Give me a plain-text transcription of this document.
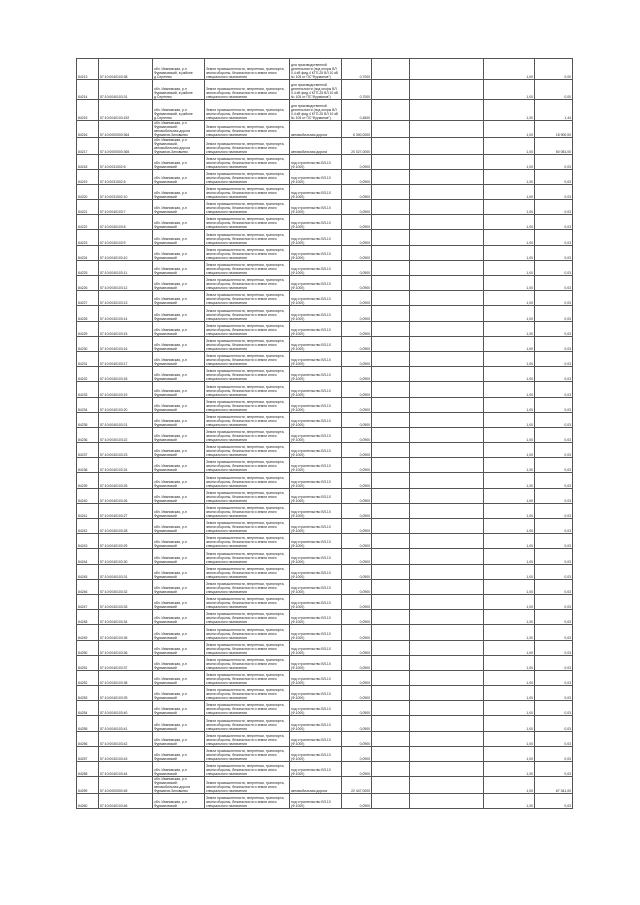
84213	57:10:0040103:38	обл. Ивановская, р-н Фурмановский, в районе д.Сергеево	Земли промышленности, энергетики, транспорта, земли обороны, безопасности и земли иного специального назначения	для производственной деятельности (под опоры ВЛ 0,4 кВ фид.4 КТП-25 ВЛ 10 кВ № 105 от ПС"Фурманов")	0,7000			1,00	0,00
84214	57:10:0040103:31	обл. Ивановская, р-н Фурмановский, в районе д.Сергеево	Земли промышленности, энергетики, транспорта, земли обороны, безопасности и земли иного специального назначения	для производственной деятельности (под опоры ВЛ 0,4 кВ фид.4 КТП-25 ВЛ 10 кВ № 105 от ПС"Фурманов")	0,7000			1,00	0,00
84215	57:10:0040103:152	обл. Ивановская, р-н Фурмановский, в районе д.Сергеево	Земли промышленности, энергетики, транспорта, земли обороны, безопасности и земли иного специального назначения	для производственной деятельности (под опоры ВЛ 0,4 кВ фид.4 КТП-25 ВЛ 10 кВ № 105 от ПС"Фурманов")	0,4800			1,00	1,44
84216	57:10:0000000:364	обл. Ивановская, р-н Фурмановский, автомобильная дорога Фурманов-Зиновьево	Земли промышленности, энергетики, транспорта, земли обороны, безопасности и земли иного специального назначения	автомобильная дорога	6 300,0000			1,00	18 900,00
84217	57:10:0000000:365	обл. Ивановская, р-н Фурмановский, автомобильная дорога Фурманов-Зиновьево	Земли промышленности, энергетики, транспорта, земли обороны, безопасности и земли иного специального назначения	автомобильная дорога	20 027,0000			1,00	60 081,00
84218	57:10:0031002:6	обл. Ивановская, р-н Фурмановский	Земли промышленности, энергетики, транспорта, земли обороны, безопасности и земли иного специального назначения	под строительство ВЛ-10 (Ф.1000)	0,0900			1,00	0,03
84219	57:10:0031002:5	обл. Ивановская, р-н Фурмановский	Земли промышленности, энергетики, транспорта, земли обороны, безопасности и земли иного специального назначения	под строительство ВЛ-10 (Ф.1000)	0,0900			1,00	0,03
84220	57:10:0031002:10	обл. Ивановская, р-н Фурмановский	Земли промышленности, энергетики, транспорта, земли обороны, безопасности и земли иного специального назначения	под строительство ВЛ-10 (Ф.1000)	0,0900			1,00	0,03
84221	57:10:0040103:7	обл. Ивановская, р-н Фурмановский	Земли промышленности, энергетики, транспорта, земли обороны, безопасности и земли иного специального назначения	под строительство ВЛ-10 (Ф.1000)	0,0900			1,00	0,03
84222	57:10:0040103:8	обл. Ивановская, р-н Фурмановский	Земли промышленности, энергетики, транспорта, земли обороны, безопасности и земли иного специального назначения	под строительство ВЛ-10 (Ф.1000)	0,0900			1,00	0,03
84223	57:10:0040103:9	обл. Ивановская, р-н Фурмановский	Земли промышленности, энергетики, транспорта, земли обороны, безопасности и земли иного специального назначения	под строительство ВЛ-10 (Ф.1000)	0,0900			1,00	0,03
84224	57:10:0040103:10	обл. Ивановская, р-н Фурмановский	Земли промышленности, энергетики, транспорта, земли обороны, безопасности и земли иного специального назначения	под строительство ВЛ-10 (Ф.1000)	0,0900			1,00	0,03
84225	57:10:0040103:11	обл. Ивановская, р-н Фурмановский	Земли промышленности, энергетики, транспорта, земли обороны, безопасности и земли иного специального назначения	под строительство ВЛ-10 (Ф.1000)	0,0900			1,00	0,03
84226	57:10:0040103:12	обл. Ивановская, р-н Фурмановский	Земли промышленности, энергетики, транспорта, земли обороны, безопасности и земли иного специального назначения	под строительство ВЛ-10 (Ф.1000)	0,0900			1,00	0,03
84227	57:10:0040103:13	обл. Ивановская, р-н Фурмановский	Земли промышленности, энергетики, транспорта, земли обороны, безопасности и земли иного специального назначения	под строительство ВЛ-10 (Ф.1000)	0,0900			1,00	0,03
84228	57:10:0040103:14	обл. Ивановская, р-н Фурмановский	Земли промышленности, энергетики, транспорта, земли обороны, безопасности и земли иного специального назначения	под строительство ВЛ-10 (Ф.1000)	0,0900			1,00	0,03
84229	57:10:0040103:15	обл. Ивановская, р-н Фурмановский	Земли промышленности, энергетики, транспорта, земли обороны, безопасности и земли иного специального назначения	под строительство ВЛ-10 (Ф.1000)	0,0900			1,00	0,03
84230	57:10:0040103:16	обл. Ивановская, р-н Фурмановский	Земли промышленности, энергетики, транспорта, земли обороны, безопасности и земли иного специального назначения	под строительство ВЛ-10 (Ф.1000)	0,0900			1,00	0,03
84231	57:10:0040103:17	обл. Ивановская, р-н Фурмановский	Земли промышленности, энергетики, транспорта, земли обороны, безопасности и земли иного специального назначения	под строительство ВЛ-10 (Ф.1000)	0,0900			1,00	0,03
84232	57:10:0040103:18	обл. Ивановская, р-н Фурмановский	Земли промышленности, энергетики, транспорта, земли обороны, безопасности и земли иного специального назначения	под строительство ВЛ-10 (Ф.1000)	0,0900			1,00	0,03
84233	57:10:0040103:19	обл. Ивановская, р-н Фурмановский	Земли промышленности, энергетики, транспорта, земли обороны, безопасности и земли иного специального назначения	под строительство ВЛ-10 (Ф.1000)	0,0900			1,00	0,03
84234	57:10:0040103:20	обл. Ивановская, р-н Фурмановский	Земли промышленности, энергетики, транспорта, земли обороны, безопасности и земли иного специального назначения	под строительство ВЛ-10 (Ф.1000)	0,0900			1,00	0,03
84235	57:10:0040103:21	обл. Ивановская, р-н Фурмановский	Земли промышленности, энергетики, транспорта, земли обороны, безопасности и земли иного специального назначения	под строительство ВЛ-10 (Ф.1000)	0,0900			1,00	0,03
84236	57:10:0040103:22	обл. Ивановская, р-н Фурмановский	Земли промышленности, энергетики, транспорта, земли обороны, безопасности и земли иного специального назначения	под строительство ВЛ-10 (Ф.1000)	0,0900			1,00	0,03
84237	57:10:0040103:23	обл. Ивановская, р-н Фурмановский	Земли промышленности, энергетики, транспорта, земли обороны, безопасности и земли иного специального назначения	под строительство ВЛ-10 (Ф.1000)	0,0900			1,00	0,03
84238	57:10:0040103:24	обл. Ивановская, р-н Фурмановский	Земли промышленности, энергетики, транспорта, земли обороны, безопасности и земли иного специального назначения	под строительство ВЛ-10 (Ф.1000)	0,0900			1,00	0,03
84239	57:10:0040103:25	обл. Ивановская, р-н Фурмановский	Земли промышленности, энергетики, транспорта, земли обороны, безопасности и земли иного специального назначения	под строительство ВЛ-10 (Ф.1000)	0,0900			1,00	0,03
84240	57:10:0040103:26	обл. Ивановская, р-н Фурмановский	Земли промышленности, энергетики, транспорта, земли обороны, безопасности и земли иного специального назначения	под строительство ВЛ-10 (Ф.1000)	0,0900			1,00	0,03
84241	57:10:0040103:27	обл. Ивановская, р-н Фурмановский	Земли промышленности, энергетики, транспорта, земли обороны, безопасности и земли иного специального назначения	под строительство ВЛ-10 (Ф.1000)	0,0900			1,00	0,03
84242	57:10:0040103:28	обл. Ивановская, р-н Фурмановский	Земли промышленности, энергетики, транспорта, земли обороны, безопасности и земли иного специального назначения	под строительство ВЛ-10 (Ф.1000)	0,0900			1,00	0,03
84243	57:10:0040103:29	обл. Ивановская, р-н Фурмановский	Земли промышленности, энергетики, транспорта, земли обороны, безопасности и земли иного специального назначения	под строительство ВЛ-10 (Ф.1000)	0,0900			1,00	0,03
84244	57:10:0040103:30	обл. Ивановская, р-н Фурмановский	Земли промышленности, энергетики, транспорта, земли обороны, безопасности и земли иного специального назначения	под строительство ВЛ-10 (Ф.1000)	0,0900			1,00	0,03
84245	57:10:0040103:31	обл. Ивановская, р-н Фурмановский	Земли промышленности, энергетики, транспорта, земли обороны, безопасности и земли иного специального назначения	под строительство ВЛ-10 (Ф.1000)	0,0900			1,00	0,03
84246	57:10:0040103:32	обл. Ивановская, р-н Фурмановский	Земли промышленности, энергетики, транспорта, земли обороны, безопасности и земли иного специального назначения	под строительство ВЛ-10 (Ф.1000)	0,0900			1,00	0,03
84247	57:10:0040103:33	обл. Ивановская, р-н Фурмановский	Земли промышленности, энергетики, транспорта, земли обороны, безопасности и земли иного специального назначения	под строительство ВЛ-10 (Ф.1000)	0,0900			1,00	0,03
84248	57:10:0040103:34	обл. Ивановская, р-н Фурмановский	Земли промышленности, энергетики, транспорта, земли обороны, безопасности и земли иного специального назначения	под строительство ВЛ-10 (Ф.1000)	0,0900			1,00	0,03
84249	57:10:0040103:35	обл. Ивановская, р-н Фурмановский	Земли промышленности, энергетики, транспорта, земли обороны, безопасности и земли иного специального назначения	под строительство ВЛ-10 (Ф.1000)	0,0900			1,00	0,03
84250	57:10:0040103:36	обл. Ивановская, р-н Фурмановский	Земли промышленности, энергетики, транспорта, земли обороны, безопасности и земли иного специального назначения	под строительство ВЛ-10 (Ф.1000)	0,0900			1,00	0,03
84251	57:10:0040103:37	обл. Ивановская, р-н Фурмановский	Земли промышленности, энергетики, транспорта, земли обороны, безопасности и земли иного специального назначения	под строительство ВЛ-10 (Ф.1000)	0,0900			1,00	0,03
84252	57:10:0040103:38	обл. Ивановская, р-н Фурмановский	Земли промышленности, энергетики, транспорта, земли обороны, безопасности и земли иного специального назначения	под строительство ВЛ-10 (Ф.1000)	0,0900			1,00	0,03
84253	57:10:0040103:39	обл. Ивановская, р-н Фурмановский	Земли промышленности, энергетики, транспорта, земли обороны, безопасности и земли иного специального назначения	под строительство ВЛ-10 (Ф.1000)	0,0900			1,00	0,03
84254	57:10:0040103:40	обл. Ивановская, р-н Фурмановский	Земли промышленности, энергетики, транспорта, земли обороны, безопасности и земли иного специального назначения	под строительство ВЛ-10 (Ф.1000)	0,0900			1,00	0,03
84255	57:10:0040103:41	обл. Ивановская, р-н Фурмановский	Земли промышленности, энергетики, транспорта, земли обороны, безопасности и земли иного специального назначения	под строительство ВЛ-10 (Ф.1000)	0,0900			1,00	0,03
84256	57:10:0040103:42	обл. Ивановская, р-н Фурмановский	Земли промышленности, энергетики, транспорта, земли обороны, безопасности и земли иного специального назначения	под строительство ВЛ-10 (Ф.1000)	0,0900			1,00	0,03
84257	57:10:0040103:43	обл. Ивановская, р-н Фурмановский	Земли промышленности, энергетики, транспорта, земли обороны, безопасности и земли иного специального назначения	под строительство ВЛ-10 (Ф.1000)	0,0900			1,00	0,03
84258	57:10:0040103:44	обл. Ивановская, р-н Фурмановский	Земли промышленности, энергетики, транспорта, земли обороны, безопасности и земли иного специального назначения	под строительство ВЛ-10 (Ф.1000)	0,0900			1,00	0,03
84259	57:10:0000000:45	обл. Ивановская, р-н Фурмановский, автомобильная дорога Фурманов-Зиновьево	Земли промышленности, энергетики, транспорта, земли обороны, безопасности и земли иного специального назначения	автомобильная дорога	22 447,0000			1,00	67 341,00
84260	57:10:0040103:46	обл. Ивановская, р-н Фурмановский	Земли промышленности, энергетики, транспорта, земли обороны, безопасности и земли иного специального назначения	под строительство ВЛ-10 (Ф.1000)	0,0900			1,00	0,03
